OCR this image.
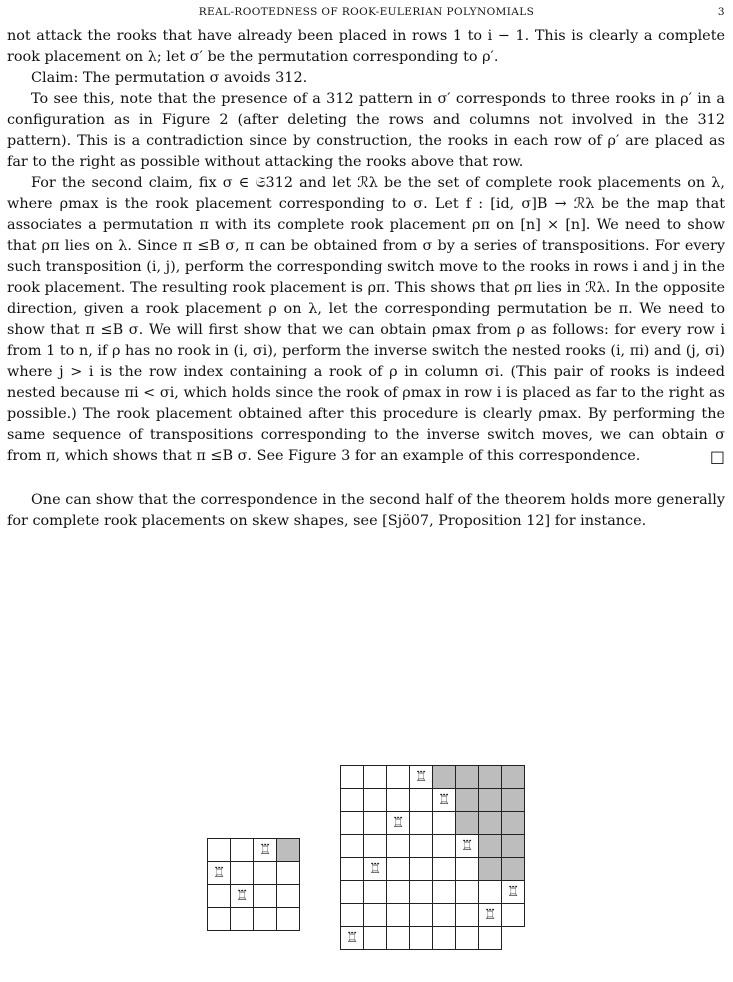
REAL-ROOTEDNESS OF ROOK-EULERIAN POLYNOMIALS	3

not attack the rooks that have already been placed in rows 1 to i − 1. This is clearly a complete rook placement on λ; let σ′ be the permutation corresponding to ρ′.

Claim: The permutation σ avoids 312.

To see this, note that the presence of a 312 pattern in σ′ corresponds to three rooks in ρ′ in a configuration as in Figure 2 (after deleting the rows and columns not involved in the 312 pattern). This is a contradiction since by construction, the rooks in each row of ρ′ are placed as far to the right as possible without attacking the rooks above that row.

For the second claim, fix σ ∈ 𝔖312 and let ℛλ be the set of complete rook placements on λ, where ρmax is the rook placement corresponding to σ. Let f : [id, σ]B → ℛλ be the map that associates a permutation π with its complete rook placement ρπ on [n] × [n]. We need to show that ρπ lies on λ. Since π ≤B σ, π can be obtained from σ by a series of transpositions. For every such transposition (i, j), perform the corresponding switch move to the rooks in rows i and j in the rook placement. The resulting rook placement is ρπ. This shows that ρπ lies in ℛλ. In the opposite direction, given a rook placement ρ on λ, let the corresponding permutation be π. We need to show that π ≤B σ. We will first show that we can obtain ρmax from ρ as follows: for every row i from 1 to n, if ρ has no rook in (i, σi), perform the inverse switch the nested rooks (i, πi) and (j, σi) where j > i is the row index containing a rook of ρ in column σi. (This pair of rooks is indeed nested because πi < σi, which holds since the rook of ρmax in row i is placed as far to the right as possible.) The rook placement obtained after this procedure is clearly ρmax. By performing the same sequence of transpositions corresponding to the inverse switch moves, we can obtain σ from π, which shows that π ≤B σ. See Figure 3 for an example of this correspondence.	□

One can show that the correspondence in the second half of the theorem holds more generally for complete rook placements on skew shapes, see [Sjö07, Proposition 12] for instance.

		♖	
♖			
	♖		

			♖				
				♖			
		♖					
					♖		
	♖						
							♖
						♖	
♖							
